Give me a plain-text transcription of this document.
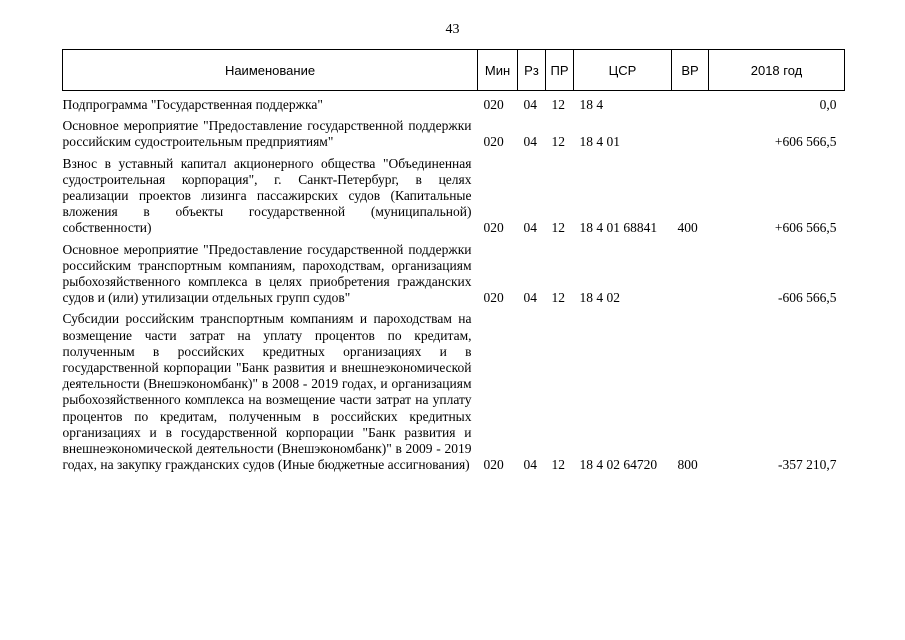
43
Наименование	Мин	Рз	ПР	ЦСР	ВР	2018 год
Подпрограмма "Государственная поддержка"	020	04	12	18 4		0,0

Основное мероприятие "Предоставление государственной поддержки российским судостроительным предприятиям"	020	04	12	18 4 01		+606 566,5

Взнос в уставный капитал акционерного общества "Объединенная судостроительная корпорация", г. Санкт-Петербург, в целях реализации проектов лизинга пассажирских судов (Капитальные вложения в объекты государственной (муниципальной) собственности)	020	04	12	18 4 01 68841	400	+606 566,5

Основное мероприятие "Предоставление государственной поддержки российским транспортным компаниям, пароходствам, организациям рыбохозяйственного комплекса в целях приобретения гражданских судов и (или) утилизации отдельных групп судов"	020	04	12	18 4 02		-606 566,5

Субсидии российским транспортным компаниям и пароходствам на возмещение части затрат на уплату процентов по кредитам, полученным в российских кредитных организациях и в государственной корпорации "Банк развития и внешнеэкономической деятельности (Внешэкономбанк)" в 2008 - 2019 годах, и организациям рыбохозяйственного комплекса на возмещение части затрат на уплату процентов по кредитам, полученным в российских кредитных организациях и в государственной корпорации "Банк развития и внешнеэкономической деятельности (Внешэкономбанк)" в 2009 - 2019 годах, на закупку гражданских судов (Иные бюджетные ассигнования)	020	04	12	18 4 02 64720	800	-357 210,7
